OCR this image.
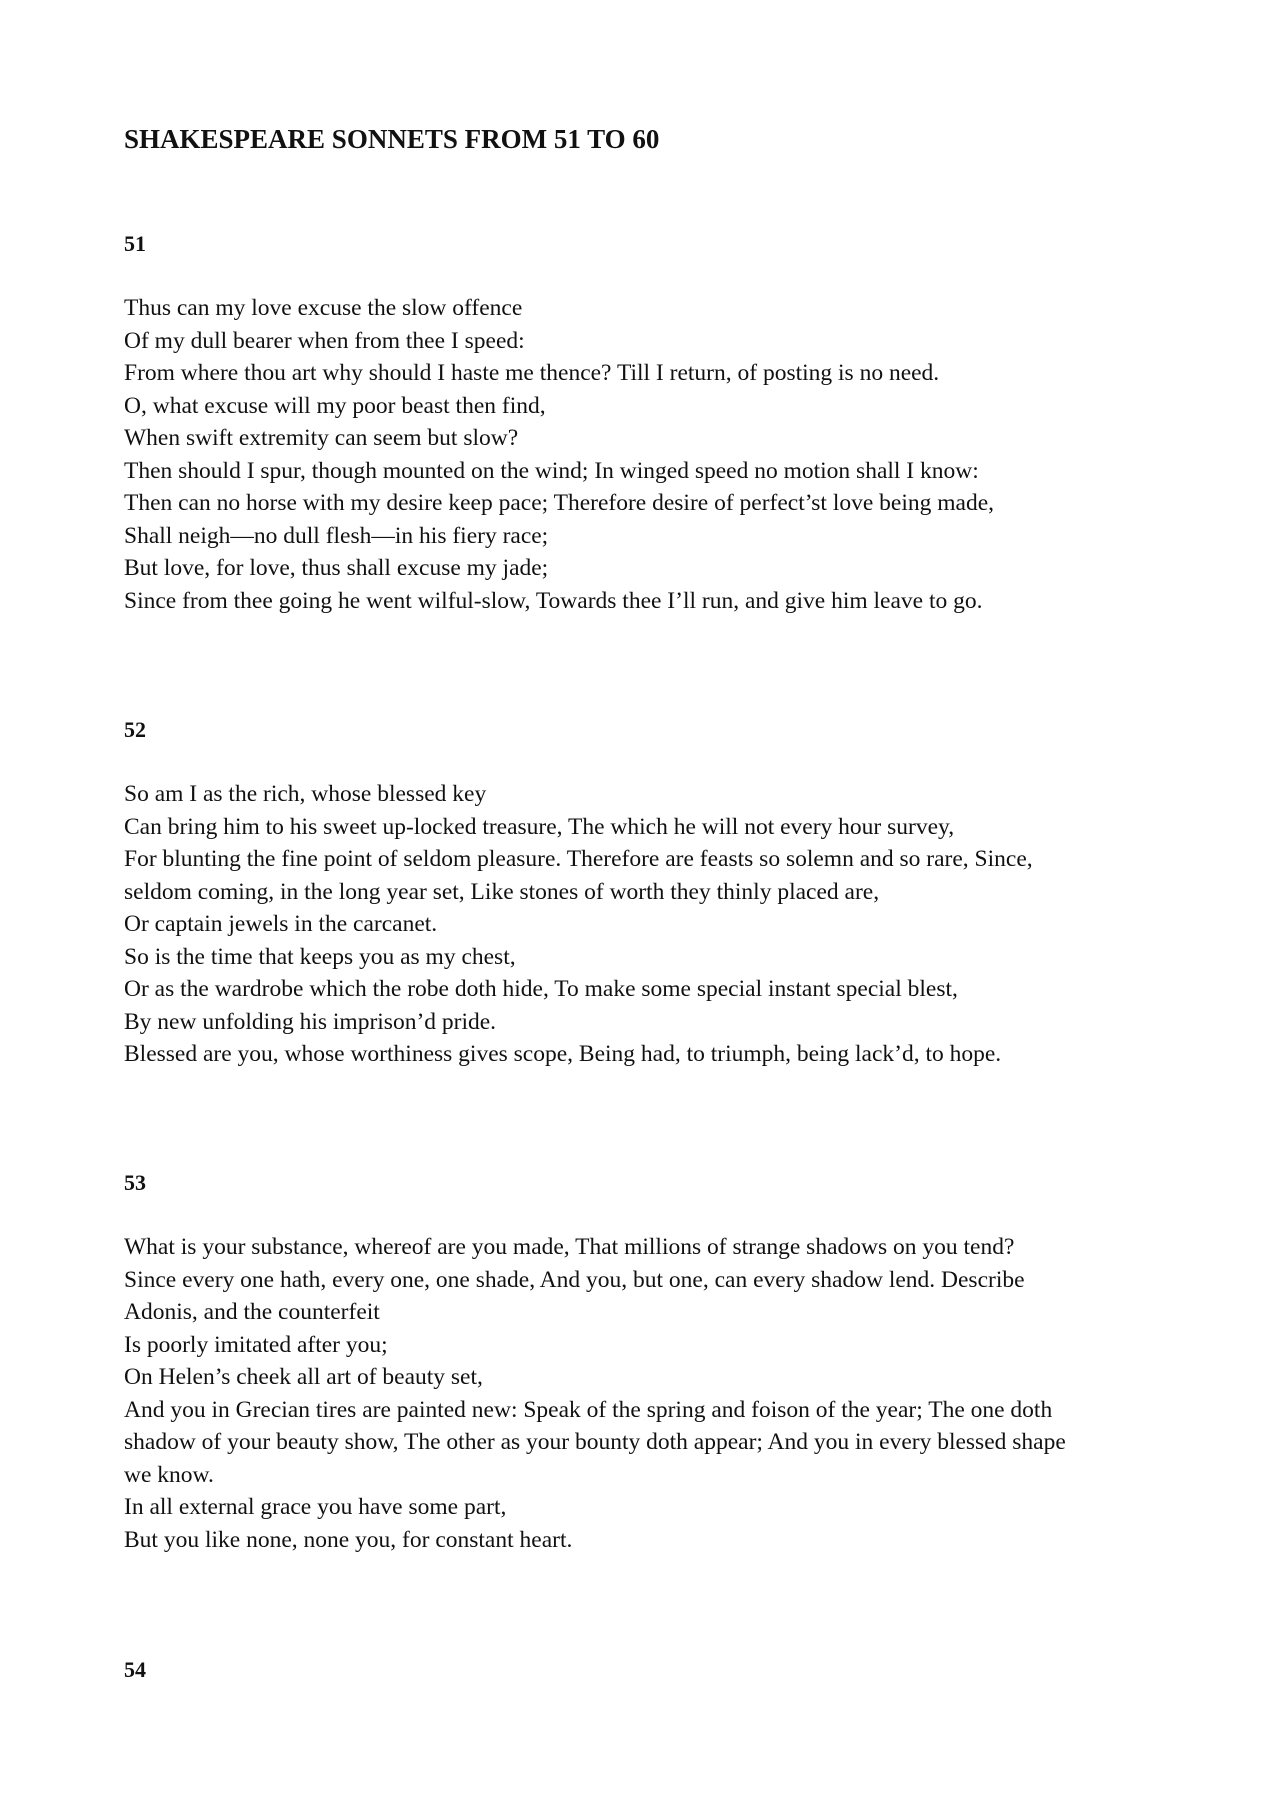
SHAKESPEARE SONNETS FROM 51 TO 60
51
Thus can my love excuse the slow offence
Of my dull bearer when from thee I speed:
From where thou art why should I haste me thence? Till I return, of posting is no need.
O, what excuse will my poor beast then find,
When swift extremity can seem but slow?
Then should I spur, though mounted on the wind; In winged speed no motion shall I know:
Then can no horse with my desire keep pace; Therefore desire of perfect’st love being made,
Shall neigh—no dull flesh—in his fiery race;
But love, for love, thus shall excuse my jade;
Since from thee going he went wilful-slow, Towards thee I’ll run, and give him leave to go.
52
So am I as the rich, whose blessed key
Can bring him to his sweet up-locked treasure, The which he will not every hour survey,
For blunting the fine point of seldom pleasure. Therefore are feasts so solemn and so rare, Since,
seldom coming, in the long year set, Like stones of worth they thinly placed are,
Or captain jewels in the carcanet.
So is the time that keeps you as my chest,
Or as the wardrobe which the robe doth hide, To make some special instant special blest,
By new unfolding his imprison’d pride.
Blessed are you, whose worthiness gives scope, Being had, to triumph, being lack’d, to hope.
53
What is your substance, whereof are you made, That millions of strange shadows on you tend?
Since every one hath, every one, one shade, And you, but one, can every shadow lend. Describe
Adonis, and the counterfeit
Is poorly imitated after you;
On Helen’s cheek all art of beauty set,
And you in Grecian tires are painted new: Speak of the spring and foison of the year; The one doth
shadow of your beauty show, The other as your bounty doth appear; And you in every blessed shape
we know.
In all external grace you have some part,
But you like none, none you, for constant heart.
54
